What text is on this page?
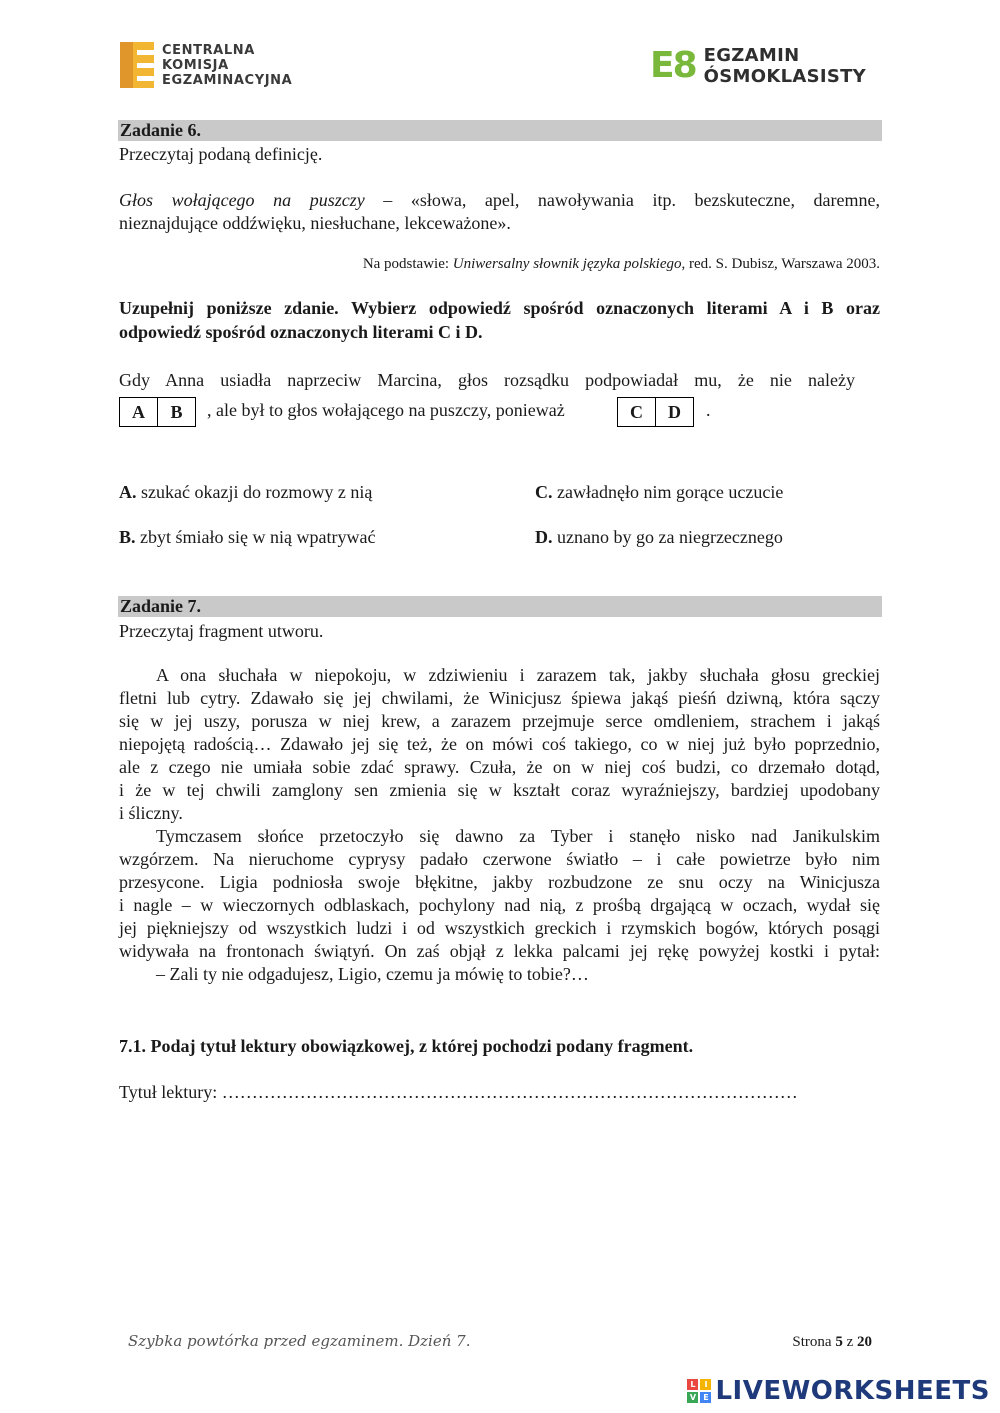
CENTRALNA
KOMISJA
EGZAMINACYJNA	E8 EGZAMIN
ÓSMOKLASISTY
Zadanie 6.
Przeczytaj podaną definicję.
Głos wołającego na puszczy – «słowa, apel, nawoływania itp. bezskuteczne, daremne,
nieznajdujące oddźwięku, niesłuchane, lekceważone».
Na podstawie: Uniwersalny słownik języka polskiego, red. S. Dubisz, Warszawa 2003.
Uzupełnij poniższe zdanie. Wybierz odpowiedź spośród oznaczonych literami A i B oraz
odpowiedź spośród oznaczonych literami C i D.
Gdy Anna usiadła naprzeciw Marcina, głos rozsądku podpowiadał mu, że nie należy
A	B	, ale był to głos wołającego na puszczy, ponieważ	C	D	.
A. szukać okazji do rozmowy z nią	C. zawładnęło nim gorące uczucie
B. zbyt śmiało się w nią wpatrywać	D. uznano by go za niegrzecznego
Zadanie 7.
Przeczytaj fragment utworu.
A ona słuchała w niepokoju, w zdziwieniu i zarazem tak, jakby słuchała głosu greckiej
fletni lub cytry. Zdawało się jej chwilami, że Winicjusz śpiewa jakąś pieśń dziwną, która sączy
się w jej uszy, porusza w niej krew, a zarazem przejmuje serce omdleniem, strachem i jakąś
niepojętą radością… Zdawało jej się też, że on mówi coś takiego, co w niej już było poprzednio,
ale z czego nie umiała sobie zdać sprawy. Czuła, że on w niej coś budzi, co drzemało dotąd,
i że w tej chwili zamglony sen zmienia się w kształt coraz wyraźniejszy, bardziej upodobany
i śliczny.
Tymczasem słońce przetoczyło się dawno za Tyber i stanęło nisko nad Janikulskim
wzgórzem. Na nieruchome cyprysy padało czerwone światło – i całe powietrze było nim
przesycone. Ligia podniosła swoje błękitne, jakby rozbudzone ze snu oczy na Winicjusza
i nagle – w wieczornych odblaskach, pochylony nad nią, z prośbą drgającą w oczach, wydał się
jej piękniejszy od wszystkich ludzi i od wszystkich greckich i rzymskich bogów, których posągi
widywała na frontonach świątyń. On zaś objął z lekka palcami jej rękę powyżej kostki i pytał:
– Zali ty nie odgadujesz, Ligio, czemu ja mówię to tobie?…
7.1. Podaj tytuł lektury obowiązkowej, z której pochodzi podany fragment.
Tytuł lektury: ……………………………………………………………………………………
Szybka powtórka przed egzaminem. Dzień 7.	Strona 5 z 20
L	I
V E LIVEWORKSHEETS
